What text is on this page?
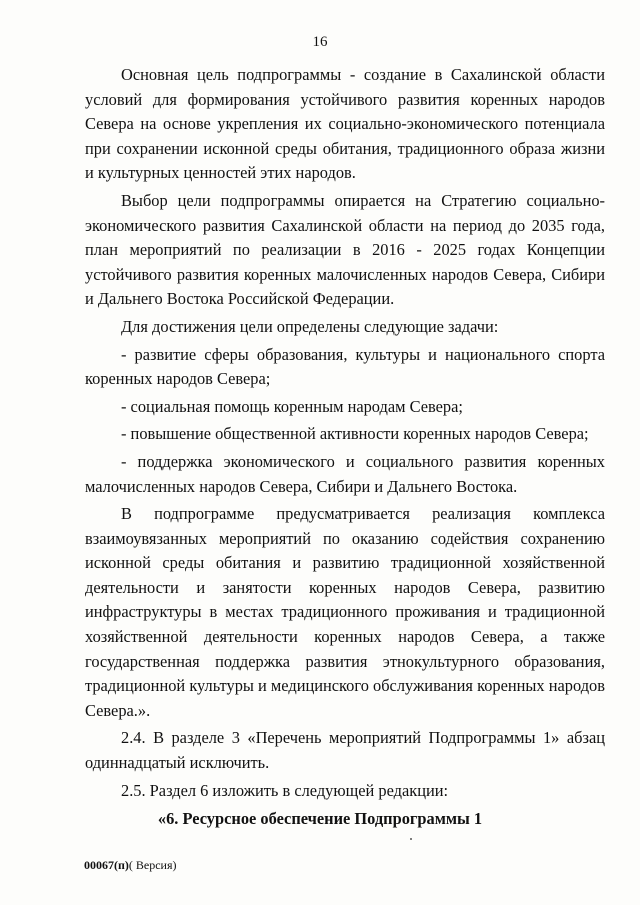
16

Основная цель подпрограммы - создание в Сахалинской области условий для формирования устойчивого развития коренных народов Севера на основе укрепления их социально-экономического потенциала при сохранении исконной среды обитания, традиционного образа жизни и культурных ценностей этих народов.

Выбор цели подпрограммы опирается на Стратегию социально-экономического развития Сахалинской области на период до 2035 года, план мероприятий по реализации в 2016 - 2025 годах Концепции устойчивого развития коренных малочисленных народов Севера, Сибири и Дальнего Востока Российской Федерации.

Для достижения цели определены следующие задачи:

- развитие сферы образования, культуры и национального спорта коренных народов Севера;

- социальная помощь коренным народам Севера;

- повышение общественной активности коренных народов Севера;

- поддержка экономического и социального развития коренных малочисленных народов Севера, Сибири и Дальнего Востока.

В подпрограмме предусматривается реализация комплекса взаимоувязанных мероприятий по оказанию содействия сохранению исконной среды обитания и развитию традиционной хозяйственной деятельности и занятости коренных народов Севера, развитию инфраструктуры в местах традиционного проживания и традиционной хозяйственной деятельности коренных народов Севера, а также государственная поддержка развития этнокультурного образования, традиционной культуры и медицинского обслуживания коренных народов Севера.».

2.4. В разделе 3 «Перечень мероприятий Подпрограммы 1» абзац одиннадцатый исключить.

2.5. Раздел 6 изложить в следующей редакции:

«6. Ресурсное обеспечение Подпрограммы 1
00067(п)( Версия)
